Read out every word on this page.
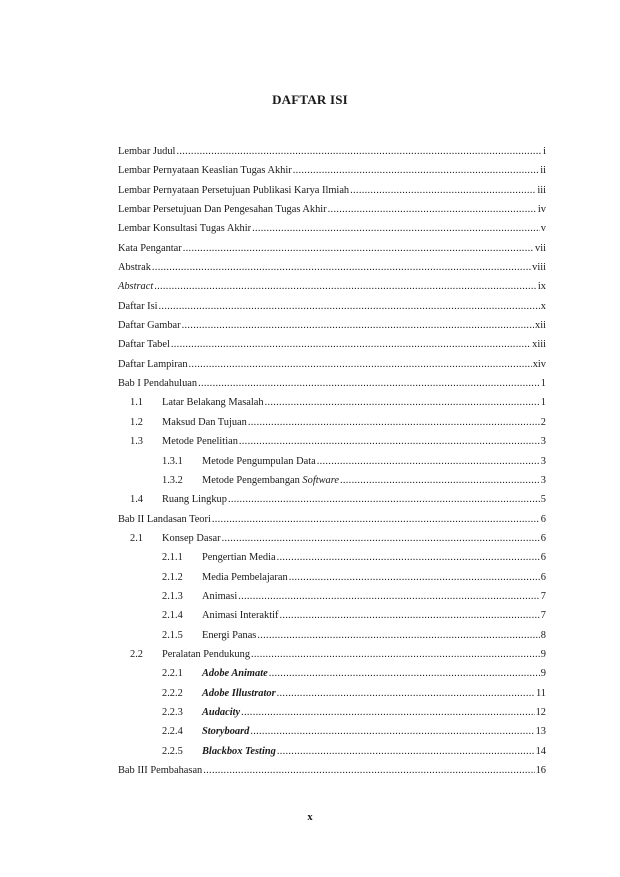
DAFTAR ISI
Lembar Judul .....	i
Lembar Pernyataan Keaslian Tugas Akhir .....	ii
Lembar Pernyataan Persetujuan Publikasi Karya Ilmiah .....	iii
Lembar Persetujuan Dan Pengesahan Tugas Akhir .....	iv
Lembar Konsultasi Tugas Akhir .....	v
Kata Pengantar .....	vii
Abstrak .....	viii
Abstract .....	ix
Daftar Isi .....	x
Daftar Gambar .....	xii
Daftar Tabel .....	xiii
Daftar Lampiran .....	xiv
Bab I Pendahuluan .....	1
1.1	Latar Belakang Masalah .....	1
1.2	Maksud Dan Tujuan .....	2
1.3	Metode Penelitian .....	3
1.3.1	Metode Pengumpulan Data .....	3
1.3.2	Metode Pengembangan Software .....	3
1.4	Ruang Lingkup .....	5
Bab II Landasan Teori .....	6
2.1	Konsep Dasar .....	6
2.1.1	Pengertian Media .....	6
2.1.2	Media Pembelajaran .....	6
2.1.3	Animasi .....	7
2.1.4	Animasi Interaktif .....	7
2.1.5	Energi Panas .....	8
2.2	Peralatan Pendukung .....	9
2.2.1	Adobe Animate .....	9
2.2.2	Adobe Illustrator .....	11
2.2.3	Audacity .....	12
2.2.4	Storyboard .....	13
2.2.5	Blackbox Testing .....	14
Bab III Pembahasan .....	16
x
